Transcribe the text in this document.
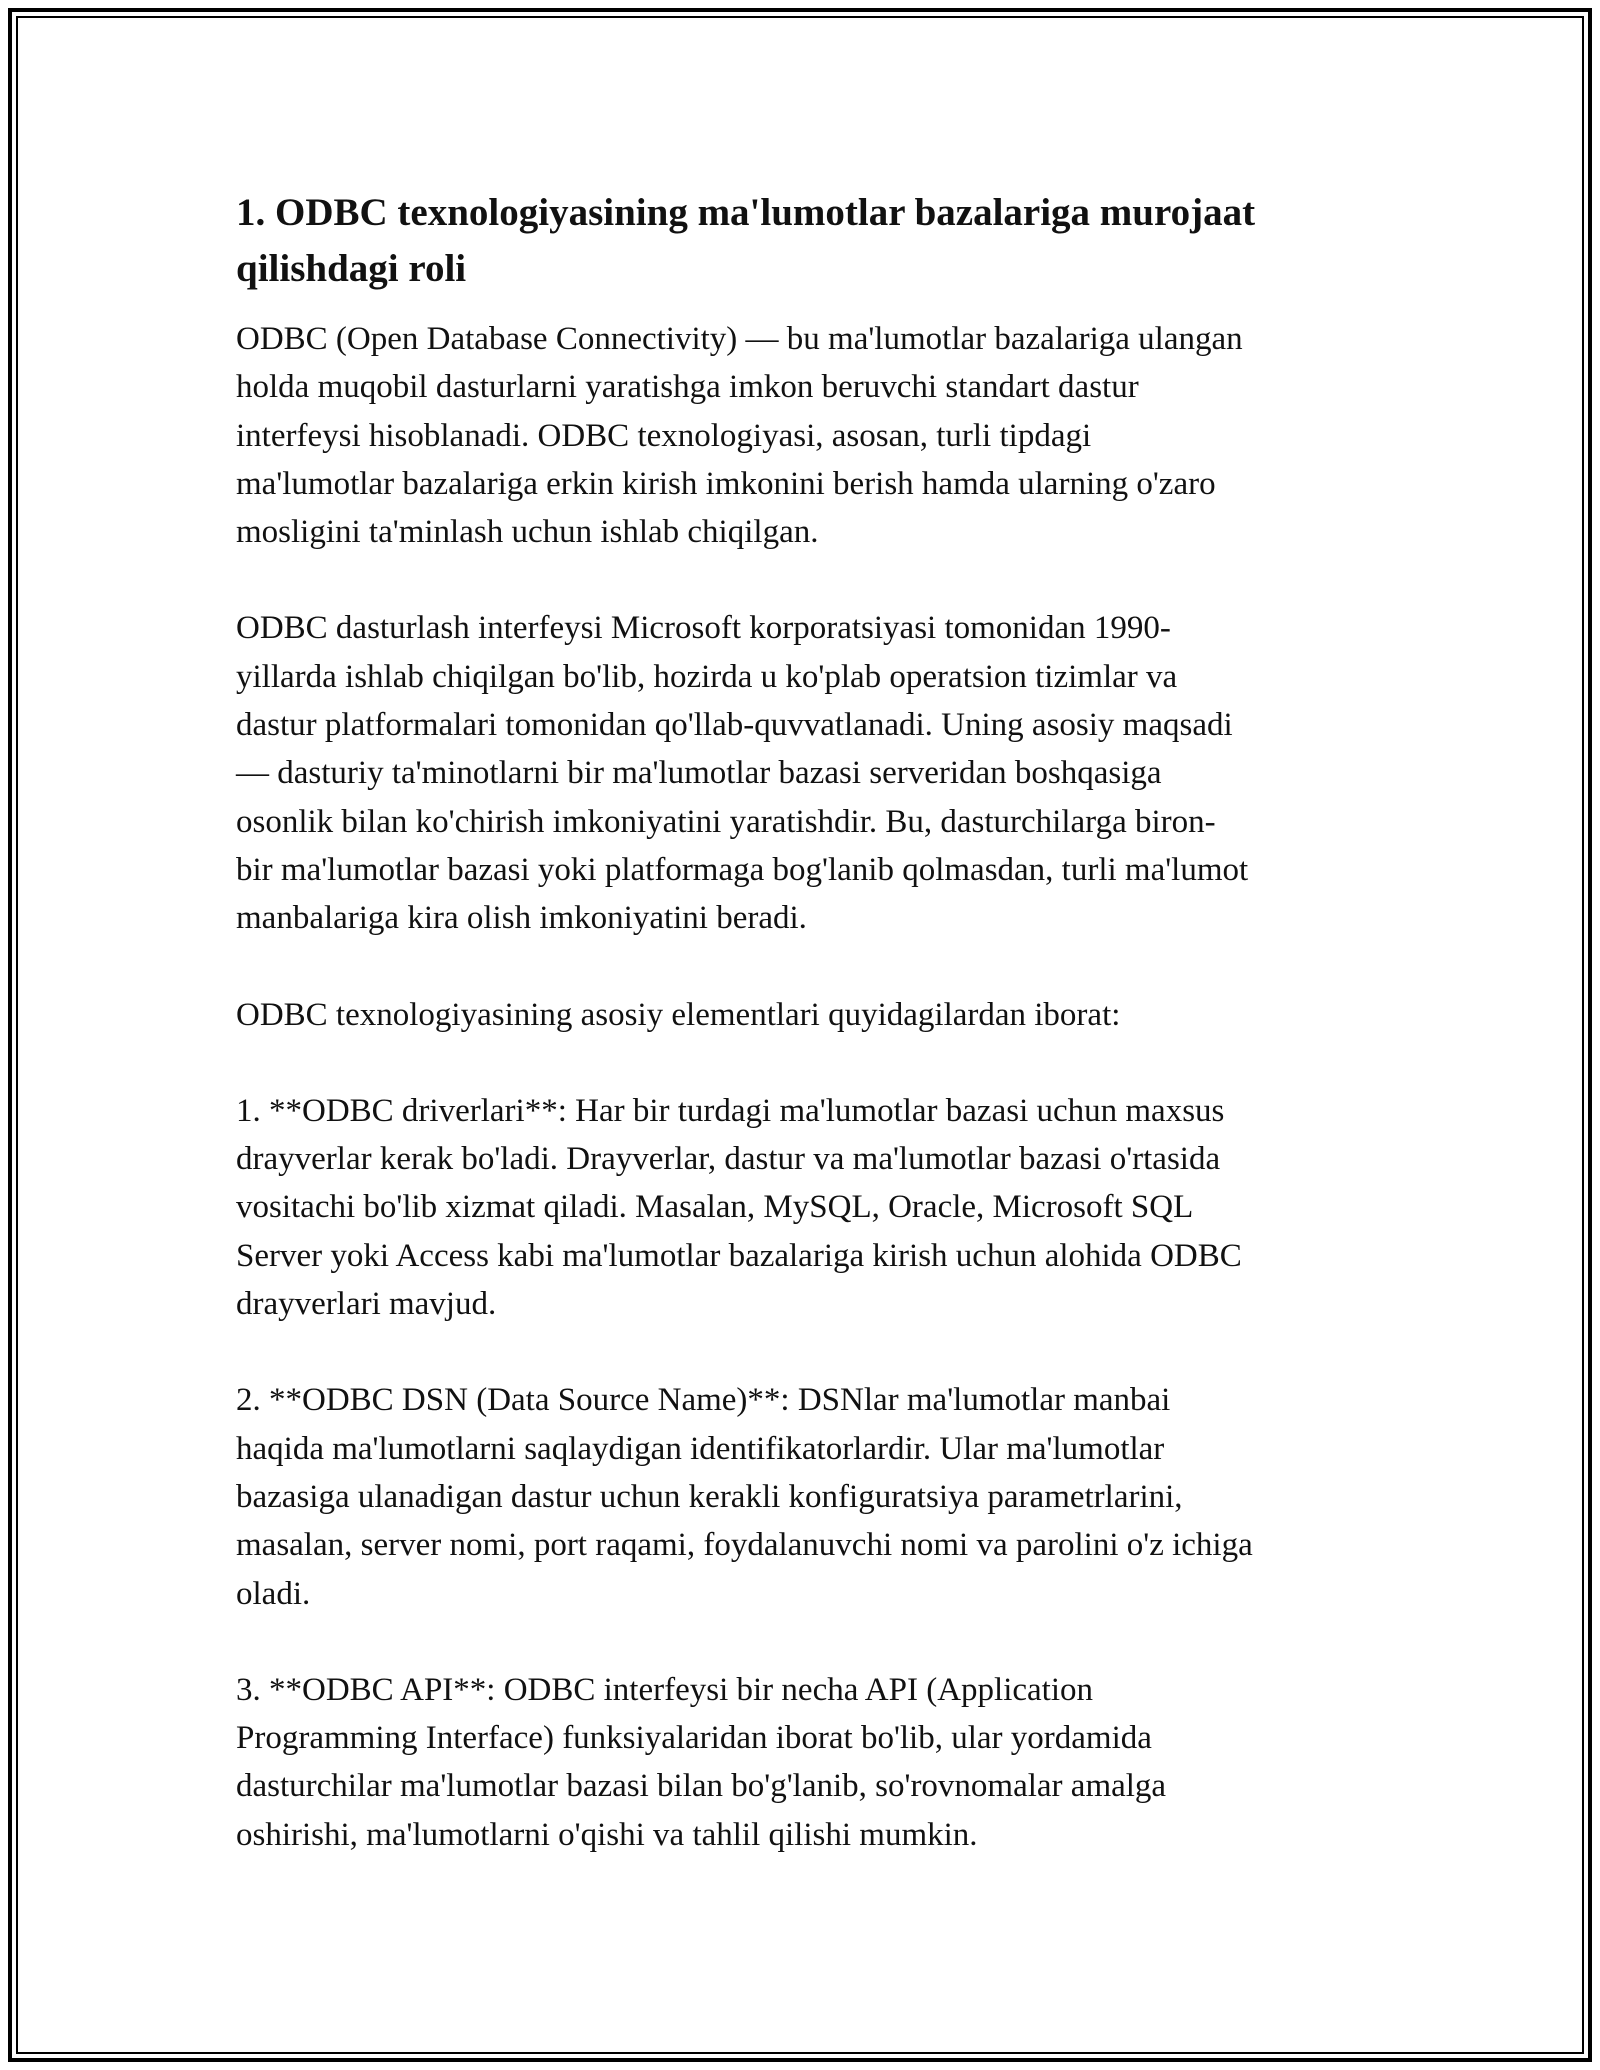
1. ODBC texnologiyasining ma'lumotlar bazalariga murojaat
qilishdagi roli

ODBC (Open Database Connectivity) — bu ma'lumotlar bazalariga ulangan
holda muqobil dasturlarni yaratishga imkon beruvchi standart dastur
interfeysi hisoblanadi. ODBC texnologiyasi, asosan, turli tipdagi
ma'lumotlar bazalariga erkin kirish imkonini berish hamda ularning o'zaro
mosligini ta'minlash uchun ishlab chiqilgan.

ODBC dasturlash interfeysi Microsoft korporatsiyasi tomonidan 1990-
yillarda ishlab chiqilgan bo'lib, hozirda u ko'plab operatsion tizimlar va
dastur platformalari tomonidan qo'llab-quvvatlanadi. Uning asosiy maqsadi
— dasturiy ta'minotlarni bir ma'lumotlar bazasi serveridan boshqasiga
osonlik bilan ko'chirish imkoniyatini yaratishdir. Bu, dasturchilarga biron-
bir ma'lumotlar bazasi yoki platformaga bog'lanib qolmasdan, turli ma'lumot
manbalariga kira olish imkoniyatini beradi.

ODBC texnologiyasining asosiy elementlari quyidagilardan iborat:

1. **ODBC driverlari**: Har bir turdagi ma'lumotlar bazasi uchun maxsus
drayverlar kerak bo'ladi. Drayverlar, dastur va ma'lumotlar bazasi o'rtasida
vositachi bo'lib xizmat qiladi. Masalan, MySQL, Oracle, Microsoft SQL
Server yoki Access kabi ma'lumotlar bazalariga kirish uchun alohida ODBC
drayverlari mavjud.

2. **ODBC DSN (Data Source Name)**: DSNlar ma'lumotlar manbai
haqida ma'lumotlarni saqlaydigan identifikatorlardir. Ular ma'lumotlar
bazasiga ulanadigan dastur uchun kerakli konfiguratsiya parametrlarini,
masalan, server nomi, port raqami, foydalanuvchi nomi va parolini o'z ichiga
oladi.

3. **ODBC API**: ODBC interfeysi bir necha API (Application
Programming Interface) funksiyalaridan iborat bo'lib, ular yordamida
dasturchilar ma'lumotlar bazasi bilan bo'g'lanib, so'rovnomalar amalga
oshirishi, ma'lumotlarni o'qishi va tahlil qilishi mumkin.
